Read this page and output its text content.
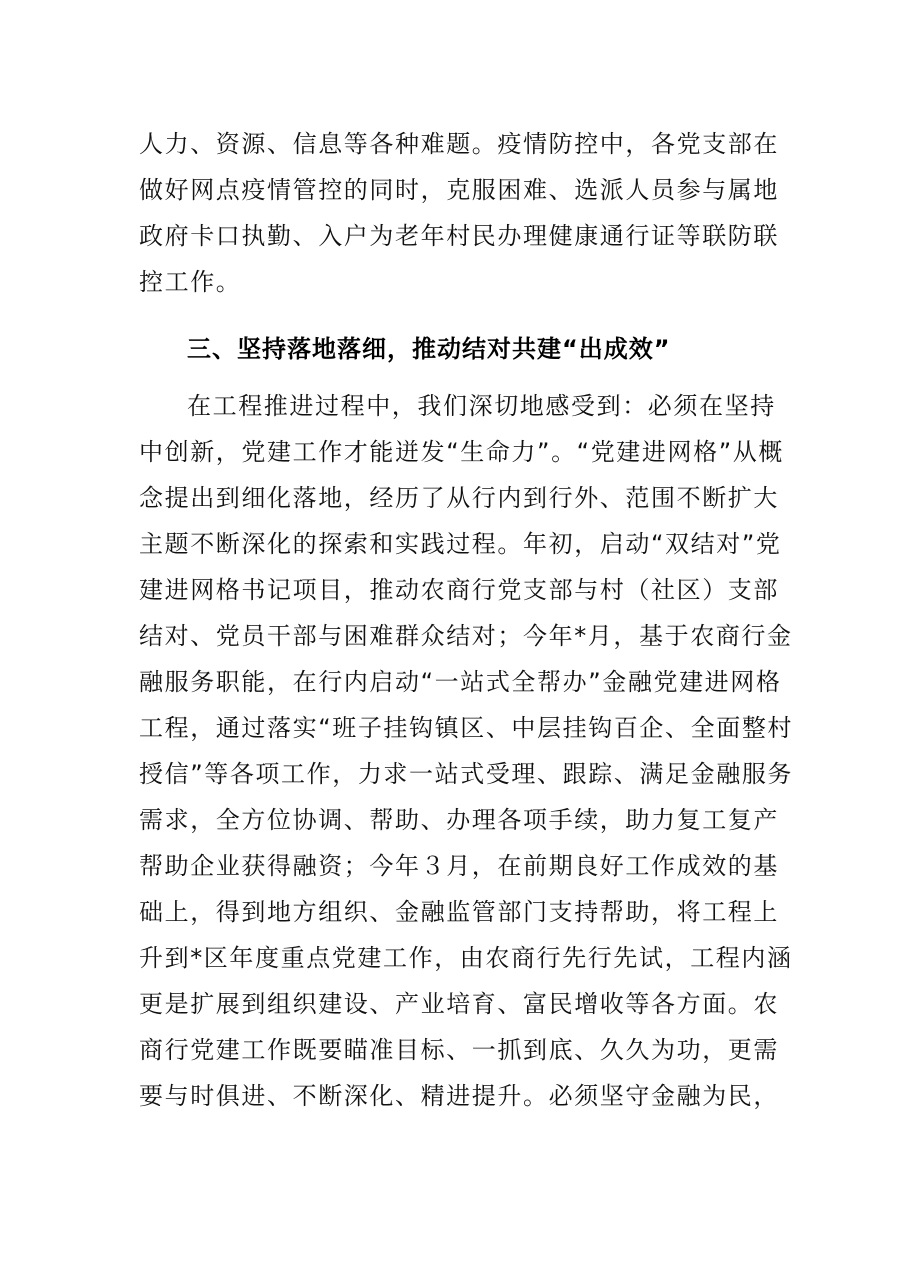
人力、资源、信息等各种难题。疫情防控中，各党支部在
做好网点疫情管控的同时，克服困难、选派人员参与属地
政府卡口执勤、入户为老年村民办理健康通行证等联防联
控工作。
三、坚持落地落细，推动结对共建“出成效”
在工程推进过程中，我们深切地感受到：必须在坚持
中创新，党建工作才能迸发“生命力”。“党建进网格”从概
念提出到细化落地，经历了从行内到行外、范围不断扩大
主题不断深化的探索和实践过程。年初，启动“双结对”党
建进网格书记项目，推动农商行党支部与村（社区）支部
结对、党员干部与困难群众结对；今年*月，基于农商行金
融服务职能，在行内启动“一站式全帮办”金融党建进网格
工程，通过落实“班子挂钩镇区、中层挂钩百企、全面整村
授信”等各项工作，力求一站式受理、跟踪、满足金融服务
需求，全方位协调、帮助、办理各项手续，助力复工复产
帮助企业获得融资；今年３月，在前期良好工作成效的基
础上，得到地方组织、金融监管部门支持帮助，将工程上
升到*区年度重点党建工作，由农商行先行先试，工程内涵
更是扩展到组织建设、产业培育、富民增收等各方面。农
商行党建工作既要瞄准目标、一抓到底、久久为功，更需
要与时俱进、不断深化、精进提升。必须坚守金融为民，
